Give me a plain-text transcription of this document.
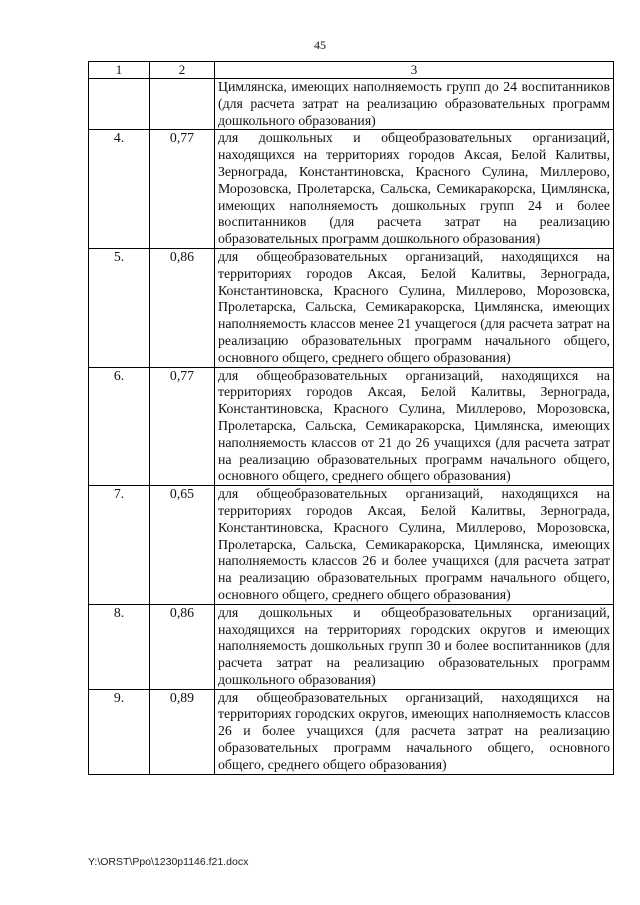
45
1	2	3
		Цимлянска, имеющих наполняемость групп до 24 воспитанников (для расчета затрат на реализацию образовательных программ дошкольного образования)
4.	0,77	для дошкольных и общеобразовательных организаций, находящихся на территориях городов Аксая, Белой Калитвы, Зернограда, Константиновска, Красного Сулина, Миллерово, Морозовска, Пролетарска, Сальска, Семикаракорска, Цимлянска, имеющих наполняемость дошкольных групп 24 и более воспитанников (для расчета затрат на реализацию образовательных программ дошкольного образования)
5.	0,86	для общеобразовательных организаций, находящихся на территориях городов Аксая, Белой Калитвы, Зернограда, Константиновска, Красного Сулина, Миллерово, Морозовска, Пролетарска, Сальска, Семикаракорска, Цимлянска, имеющих наполняемость классов менее 21 учащегося (для расчета затрат на реализацию образовательных программ начального общего, основного общего, среднего общего образования)
6.	0,77	для общеобразовательных организаций, находящихся на территориях городов Аксая, Белой Калитвы, Зернограда, Константиновска, Красного Сулина, Миллерово, Морозовска, Пролетарска, Сальска, Семикаракорска, Цимлянска, имеющих наполняемость классов от 21 до 26 учащихся (для расчета затрат на реализацию образовательных программ начального общего, основного общего, среднего общего образования)
7.	0,65	для общеобразовательных организаций, находящихся на территориях городов Аксая, Белой Калитвы, Зернограда, Константиновска, Красного Сулина, Миллерово, Морозовска, Пролетарска, Сальска, Семикаракорска, Цимлянска, имеющих наполняемость классов 26 и более учащихся (для расчета затрат на реализацию образовательных программ начального общего, основного общего, среднего общего образования)
8.	0,86	для дошкольных и общеобразовательных организаций, находящихся на территориях городских округов и имеющих наполняемость дошкольных групп 30 и более воспитанников (для расчета затрат на реализацию образовательных программ дошкольного образования)
9.	0,89	для общеобразовательных организаций, находящихся на территориях городских округов, имеющих наполняемость классов 26 и более учащихся (для расчета затрат на реализацию образовательных программ начального общего, основного общего, среднего общего образования)
Y:\ORST\Ppo\1230p1146.f21.docx
